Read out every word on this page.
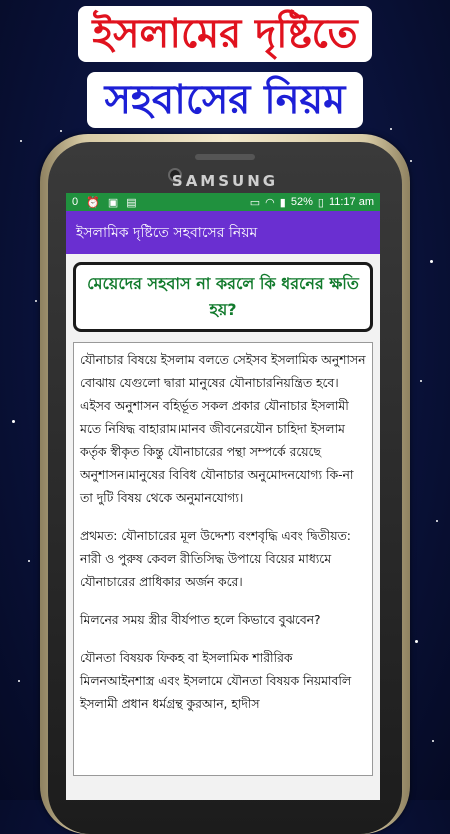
ইসলামের দৃষ্টিতে
সহবাসের নিয়ম
SAMSUNG
0 ⏰ ▣ ▤	▭ ◠ ▮ 52% ▯ 11:17 am
ইসলামিক দৃষ্টিতে সহবাসের নিয়ম
মেয়েদের সহবাস না করলে কি ধরনের ক্ষতি হয়?

যৌনাচার বিষয়ে ইসলাম বলতে সেইসব ইসলামিক অনুশাসন বোঝায় যেগুলো দ্বারা মানুষের যৌনাচারনিয়ন্ত্রিত হবে।এইসব অনুশাসন বহির্ভূত সকল প্রকার যৌনাচার ইসলামী মতে নিষিদ্ধ বাহারাম।মানব জীবনেরযৌন চাহিদা ইসলাম কর্তৃক স্বীকৃত কিন্তু যৌনাচারের পন্থা সম্পর্কে রয়েছে অনুশাসন।মানুষের বিবিধ যৌনাচার অনুমোদনযোগ্য কি-না তা দুটি বিষয় থেকে অনুমানযোগ্য।

প্রথমত: যৌনাচারের মূল উদ্দেশ্য বংশবৃদ্ধি এবং দ্বিতীয়ত: নারী ও পুরুষ কেবল রীতিসিদ্ধ উপায়ে বিয়ের মাধ্যমে যৌনাচারের প্রাধিকার অর্জন করে।

মিলনের সময় স্ত্রীর বীর্যপাত হলে কিভাবে বুঝবেন?

যৌনতা বিষয়ক ফিকহ বা ইসলামিক শারীরিক মিলনআইনশাস্ত্র এবং ইসলামে যৌনতা বিষয়ক নিয়মাবলি ইসলামী প্রধান ধর্মগ্রন্থ কুরআন, হাদীস
